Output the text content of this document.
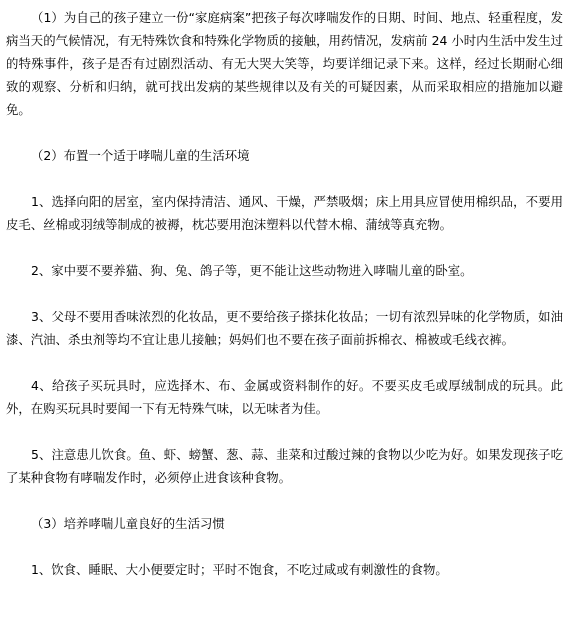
（1）为自己的孩子建立一份“家庭病案”把孩子每次哮喘发作的日期、时间、地点、轻重程度，发病当天的气候情况，有无特殊饮食和特殊化学物质的接触，用药情况，发病前 24 小时内生活中发生过的特殊事件，孩子是否有过剧烈活动、有无大哭大笑等，均要详细记录下来。这样，经过长期耐心细致的观察、分析和归纳，就可找出发病的某些规律以及有关的可疑因素，从而采取相应的措施加以避免。

（2）布置一个适于哮喘儿童的生活环境

1、选择向阳的居室，室内保持清洁、通风、干燥，严禁吸烟；床上用具应冒使用棉织品，不要用皮毛、丝棉或羽绒等制成的被褥，枕芯要用泡沫塑料以代替木棉、蒲绒等真充物。

2、家中要不要养猫、狗、兔、鸽子等，更不能让这些动物进入哮喘儿童的卧室。

3、父母不要用香味浓烈的化妆品，更不要给孩子搽抹化妆品；一切有浓烈异味的化学物质，如油漆、汽油、杀虫剂等均不宜让患儿接触；妈妈们也不要在孩子面前拆棉衣、棉被或毛线衣裤。

4、给孩子买玩具时，应选择木、布、金属或资料制作的好。不要买皮毛或厚绒制成的玩具。此外，在购买玩具时要闻一下有无特殊气味，以无味者为佳。

5、注意患儿饮食。鱼、虾、螃蟹、葱、蒜、韭菜和过酸过辣的食物以少吃为好。如果发现孩子吃了某种食物有哮喘发作时，必须停止进食该种食物。

（3）培养哮喘儿童良好的生活习惯

1、饮食、睡眠、大小便要定时；平时不饱食，不吃过咸或有刺激性的食物。
